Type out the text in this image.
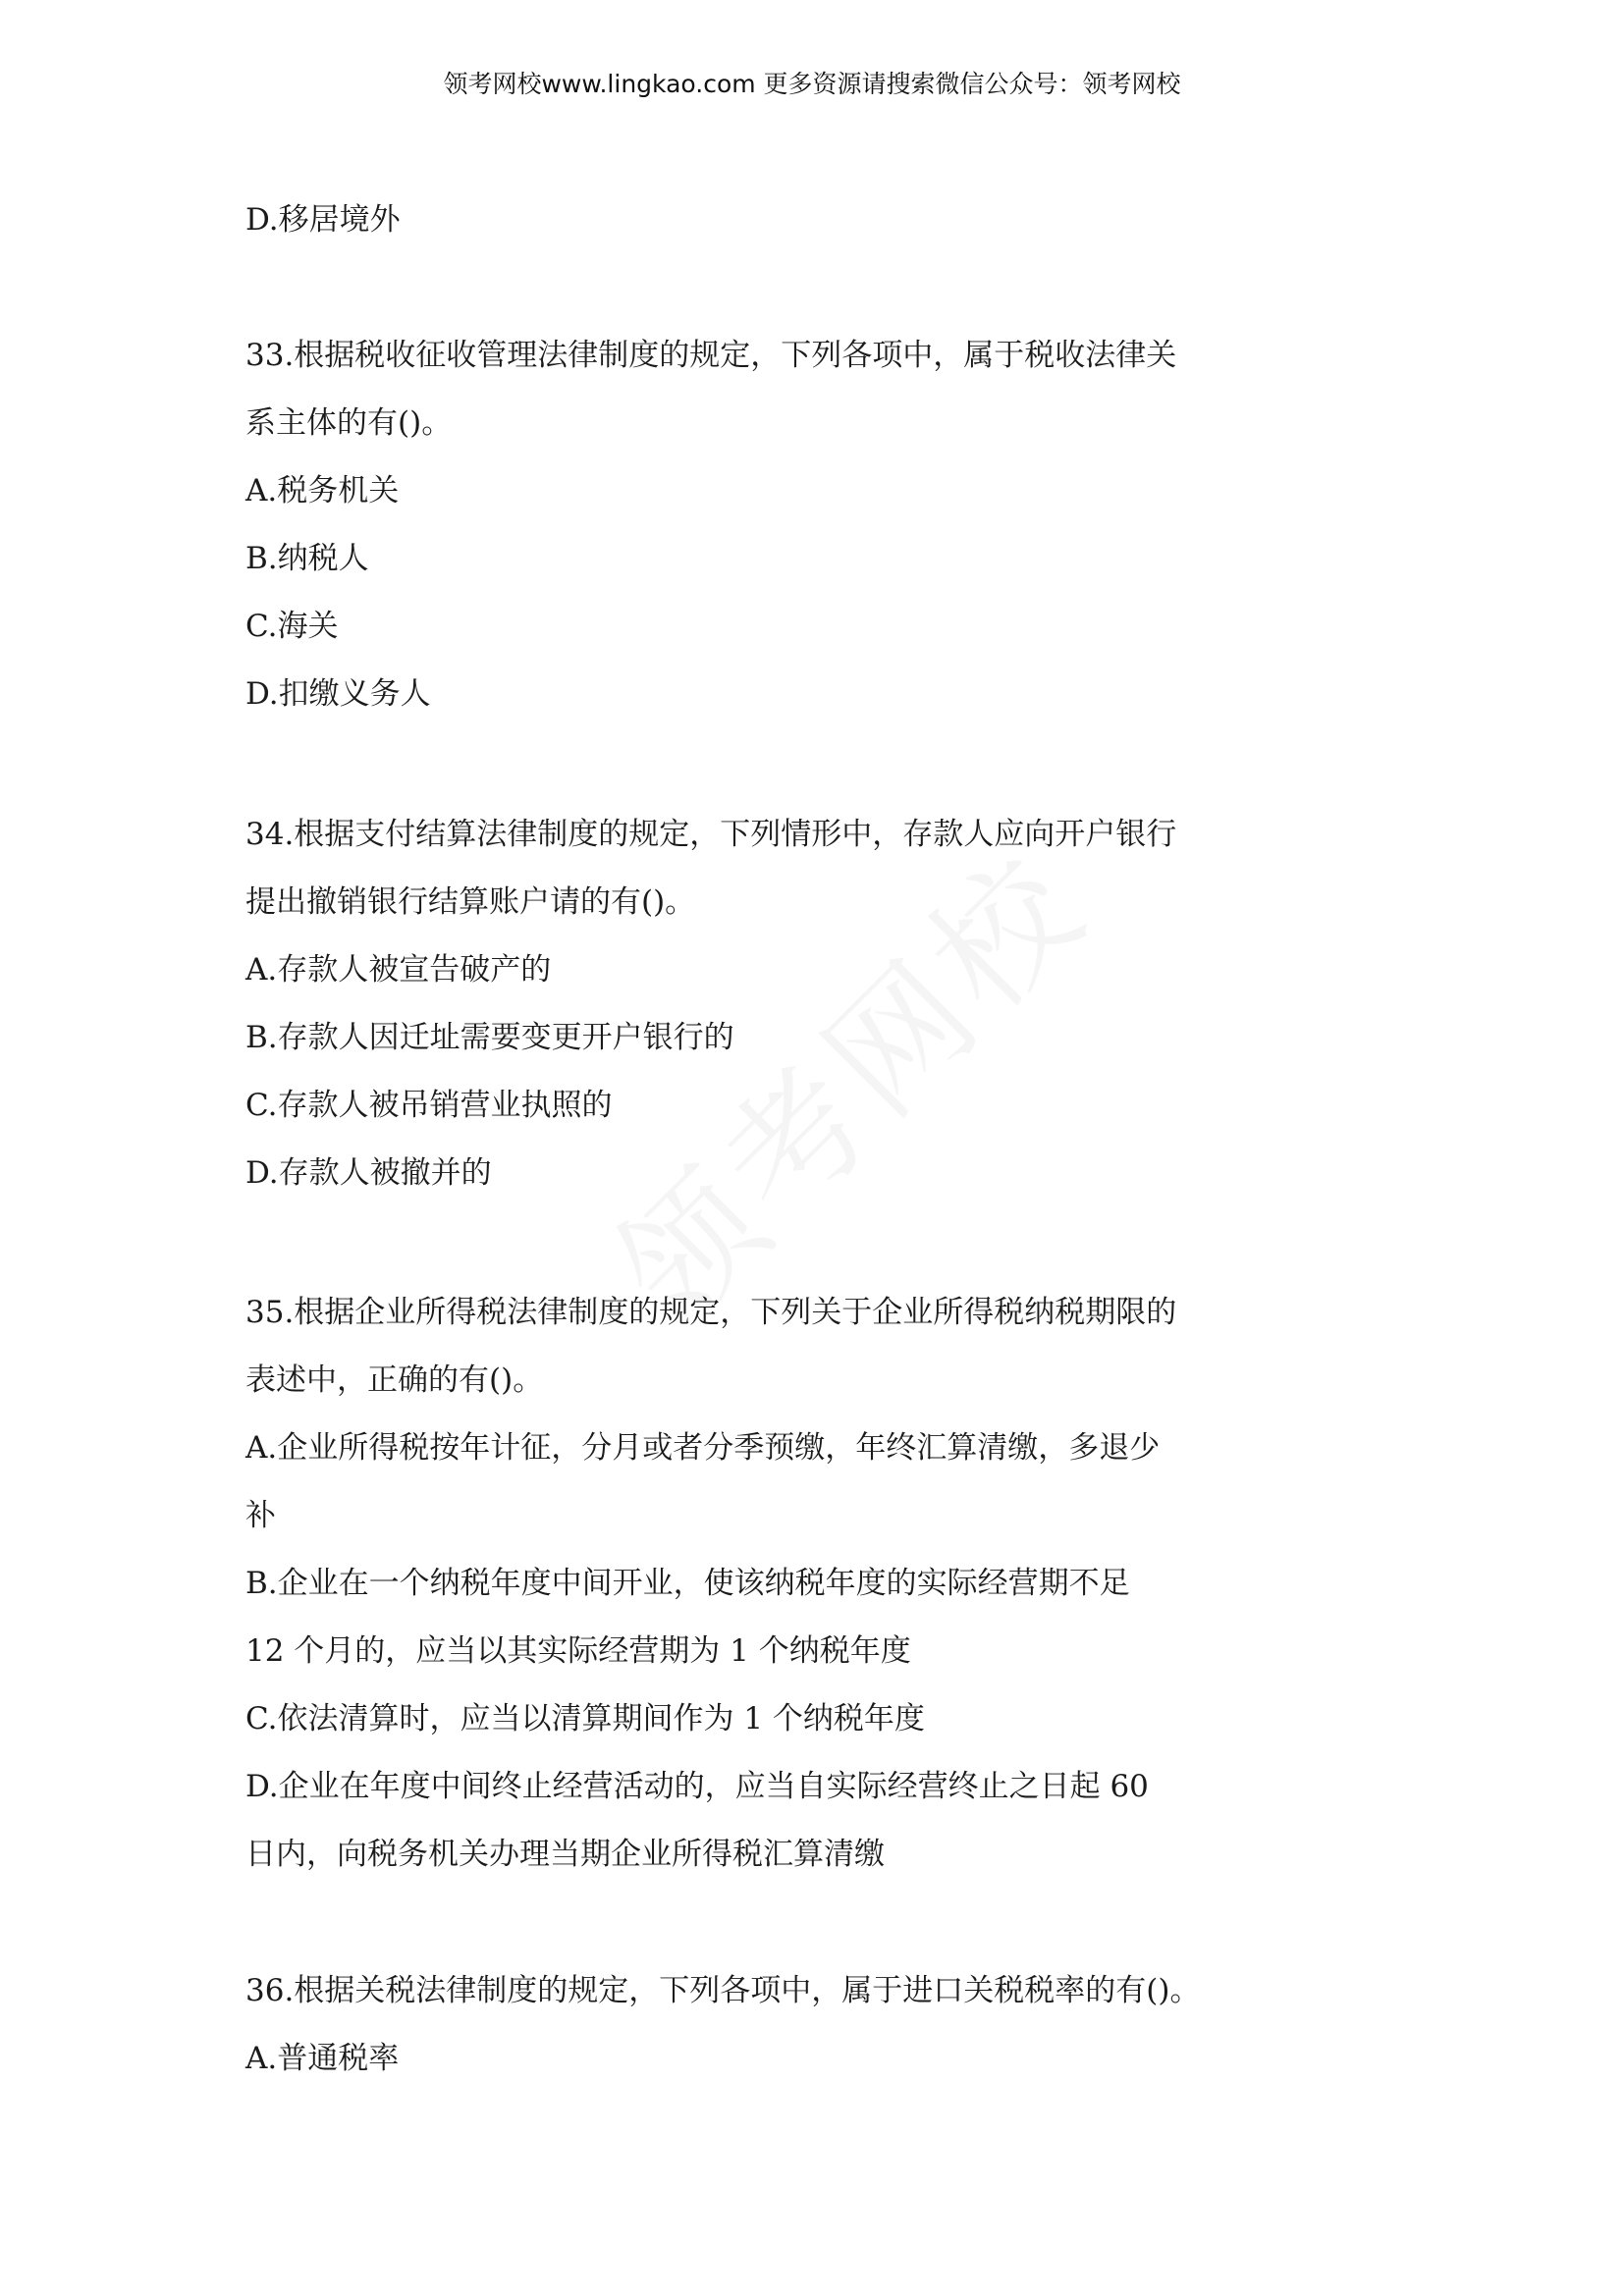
领考网校www.lingkao.com 更多资源请搜索微信公众号：领考网校
D.移居境外
33.根据税收征收管理法律制度的规定，下列各项中，属于税收法律关
系主体的有()。
A.税务机关
B.纳税人
C.海关
D.扣缴义务人
34.根据支付结算法律制度的规定，下列情形中，存款人应向开户银行
提出撤销银行结算账户请的有()。
A.存款人被宣告破产的
B.存款人因迁址需要变更开户银行的
C.存款人被吊销营业执照的
D.存款人被撤并的
35.根据企业所得税法律制度的规定，下列关于企业所得税纳税期限的
表述中，正确的有()。
A.企业所得税按年计征，分月或者分季预缴，年终汇算清缴，多退少
补
B.企业在一个纳税年度中间开业，使该纳税年度的实际经营期不足
12 个月的，应当以其实际经营期为 1 个纳税年度
C.依法清算时，应当以清算期间作为 1 个纳税年度
D.企业在年度中间终止经营活动的，应当自实际经营终止之日起 60
日内，向税务机关办理当期企业所得税汇算清缴
36.根据关税法律制度的规定，下列各项中，属于进口关税税率的有()。
A.普通税率
